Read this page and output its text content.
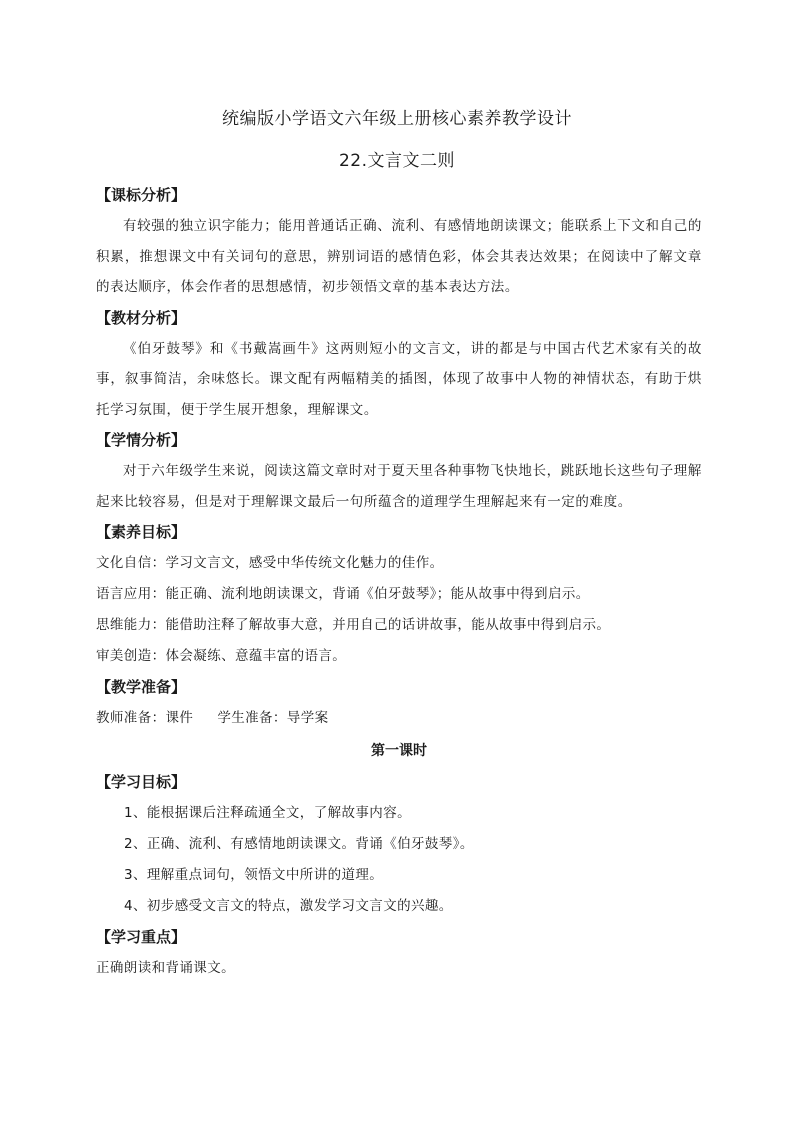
统编版小学语文六年级上册核心素养教学设计
22.文言文二则
【课标分析】
有较强的独立识字能力；能用普通话正确、流利、有感情地朗读课文；能联系上下文和自己的积累，推想课文中有关词句的意思，辨别词语的感情色彩，体会其表达效果；在阅读中了解文章的表达顺序，体会作者的思想感情，初步领悟文章的基本表达方法。
【教材分析】
《伯牙鼓琴》和《书戴嵩画牛》这两则短小的文言文，讲的都是与中国古代艺术家有关的故事，叙事简洁，余味悠长。课文配有两幅精美的插图，体现了故事中人物的神情状态，有助于烘托学习氛围，便于学生展开想象，理解课文。
【学情分析】
对于六年级学生来说，阅读这篇文章时对于夏天里各种事物飞快地长，跳跃地长这些句子理解起来比较容易，但是对于理解课文最后一句所蕴含的道理学生理解起来有一定的难度。
【素养目标】
文化自信：学习文言文，感受中华传统文化魅力的佳作。
语言应用：能正确、流利地朗读课文，背诵《伯牙鼓琴》；能从故事中得到启示。
思维能力：能借助注释了解故事大意，并用自己的话讲故事，能从故事中得到启示。
审美创造：体会凝练、意蕴丰富的语言。
【教学准备】
教师准备：课件 学生准备：导学案
第一课时
【学习目标】
1、能根据课后注释疏通全文，了解故事内容。
2、正确、流利、有感情地朗读课文。背诵《伯牙鼓琴》。
3、理解重点词句，领悟文中所讲的道理。
4、初步感受文言文的特点，激发学习文言文的兴趣。
【学习重点】
正确朗读和背诵课文。
